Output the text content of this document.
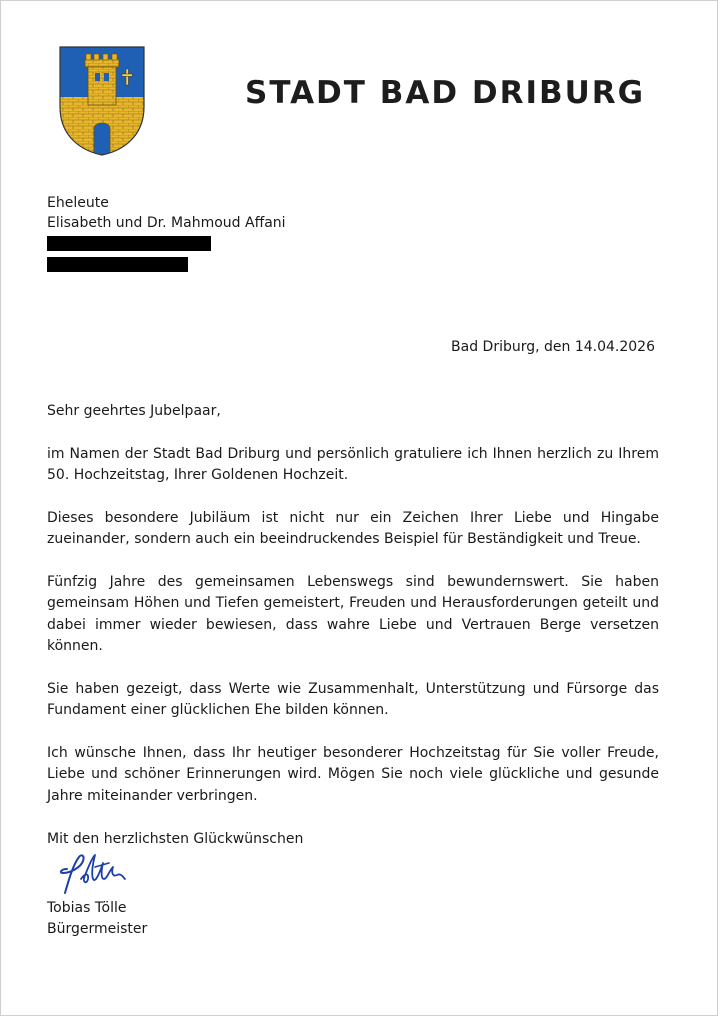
STADT BAD DRIBURG
Eheleute
Elisabeth und Dr. Mahmoud Affani
Bad Driburg, den 14.04.2026

Sehr geehrtes Jubelpaar,

im Namen der Stadt Bad Driburg und persönlich gratuliere ich Ihnen herzlich zu Ihrem 50. Hochzeitstag, Ihrer Goldenen Hochzeit.

Dieses besondere Jubiläum ist nicht nur ein Zeichen Ihrer Liebe und Hingabe zueinander, sondern auch ein beeindruckendes Beispiel für Beständigkeit und Treue.

Fünfzig Jahre des gemeinsamen Lebenswegs sind bewundernswert. Sie haben gemeinsam Höhen und Tiefen gemeistert, Freuden und Herausforderungen geteilt und dabei immer wieder bewiesen, dass wahre Liebe und Vertrauen Berge versetzen können.

Sie haben gezeigt, dass Werte wie Zusammenhalt, Unterstützung und Fürsorge das Fundament einer glücklichen Ehe bilden können.

Ich wünsche Ihnen, dass Ihr heutiger besonderer Hochzeitstag für Sie voller Freude, Liebe und schöner Erinnerungen wird. Mögen Sie noch viele glückliche und gesunde Jahre miteinander verbringen.

Mit den herzlichsten Glückwünschen
Tobias Tölle
Bürgermeister
